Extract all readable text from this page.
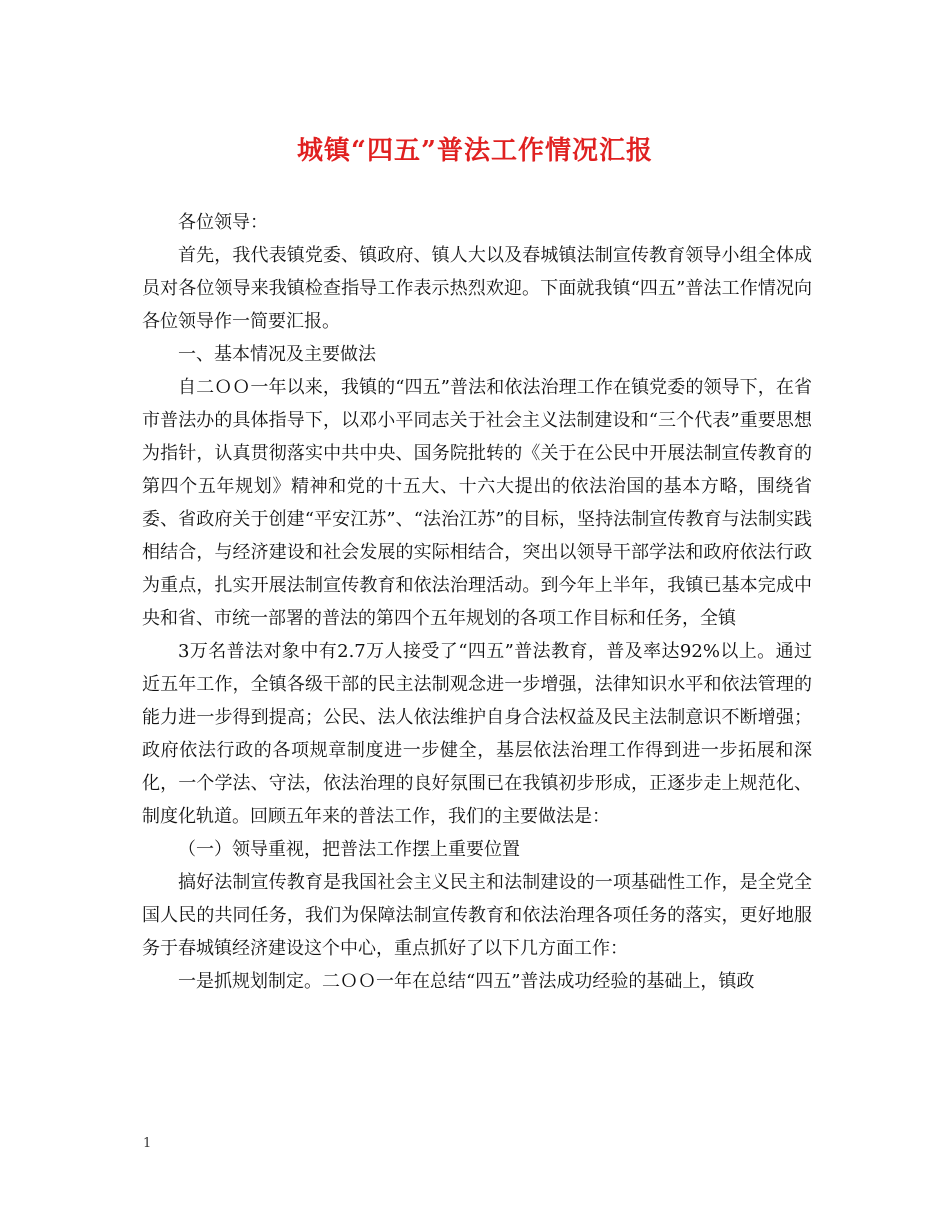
城镇“四五”普法工作情况汇报

各位领导：

首先，我代表镇党委、镇政府、镇人大以及春城镇法制宣传教育领导小组全体成员对各位领导来我镇检查指导工作表示热烈欢迎。下面就我镇“四五”普法工作情况向各位领导作一简要汇报。

一、基本情况及主要做法

自二ＯＯ一年以来，我镇的“四五”普法和依法治理工作在镇党委的领导下，在省市普法办的具体指导下，以邓小平同志关于社会主义法制建设和“三个代表”重要思想为指针，认真贯彻落实中共中央、国务院批转的《关于在公民中开展法制宣传教育的第四个五年规划》精神和党的十五大、十六大提出的依法治国的基本方略，围绕省委、省政府关于创建“平安江苏”、“法治江苏”的目标，坚持法制宣传教育与法制实践相结合，与经济建设和社会发展的实际相结合，突出以领导干部学法和政府依法行政为重点，扎实开展法制宣传教育和依法治理活动。到今年上半年，我镇已基本完成中央和省、市统一部署的普法的第四个五年规划的各项工作目标和任务，全镇

3万名普法对象中有2.7万人接受了“四五”普法教育，普及率达92%以上。通过近五年工作，全镇各级干部的民主法制观念进一步增强，法律知识水平和依法管理的能力进一步得到提高；公民、法人依法维护自身合法权益及民主法制意识不断增强；政府依法行政的各项规章制度进一步健全，基层依法治理工作得到进一步拓展和深化，一个学法、守法，依法治理的良好氛围已在我镇初步形成，正逐步走上规范化、制度化轨道。回顾五年来的普法工作，我们的主要做法是：

（一）领导重视，把普法工作摆上重要位置

搞好法制宣传教育是我国社会主义民主和法制建设的一项基础性工作，是全党全国人民的共同任务，我们为保障法制宣传教育和依法治理各项任务的落实，更好地服务于春城镇经济建设这个中心，重点抓好了以下几方面工作：

一是抓规划制定。二ＯＯ一年在总结“四五”普法成功经验的基础上，镇政

1
